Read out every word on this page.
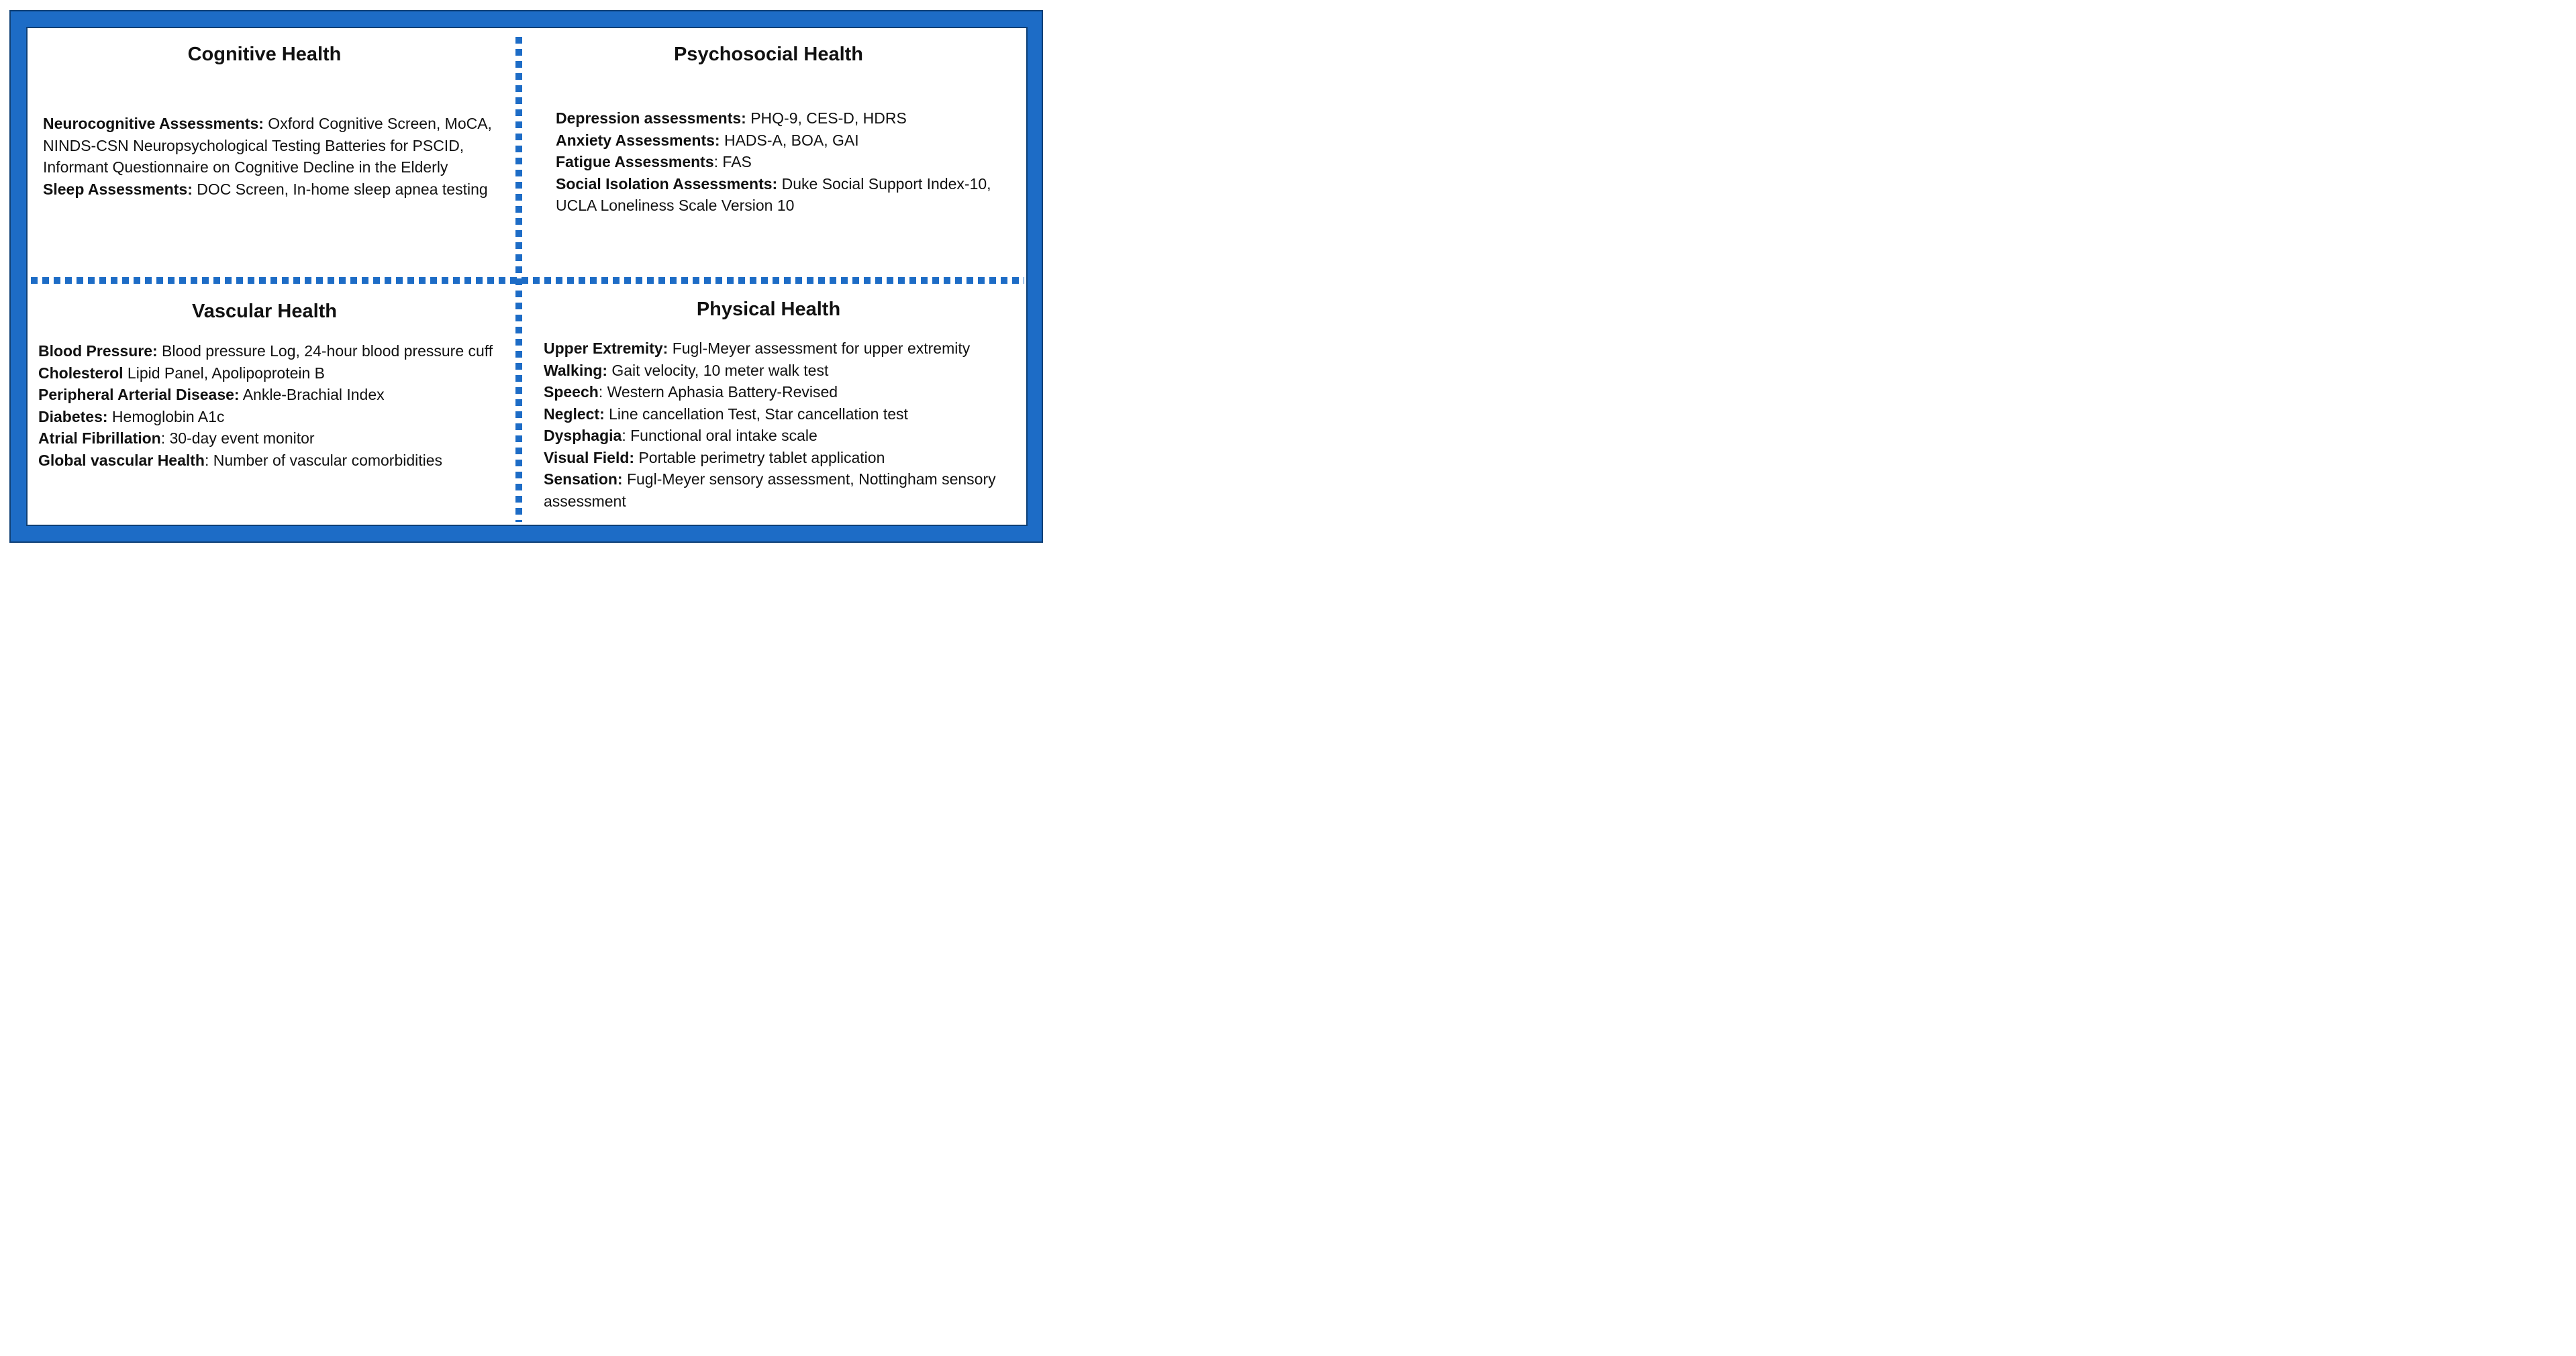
Cognitive Health
Neurocognitive Assessments: Oxford Cognitive Screen, MoCA, NINDS-CSN Neuropsychological Testing Batteries for PSCID, Informant Questionnaire on Cognitive Decline in the Elderly
Sleep Assessments: DOC Screen, In-home sleep apnea testing
Psychosocial Health
Depression assessments: PHQ-9, CES-D, HDRS
Anxiety Assessments: HADS-A, BOA, GAI
Fatigue Assessments: FAS
Social Isolation Assessments: Duke Social Support Index-10, UCLA Loneliness Scale Version 10
Vascular Health
Blood Pressure: Blood pressure Log, 24-hour blood pressure cuff
Cholesterol Lipid Panel, Apolipoprotein B
Peripheral Arterial Disease: Ankle-Brachial Index
Diabetes: Hemoglobin A1c
Atrial Fibrillation: 30-day event monitor
Global vascular Health: Number of vascular comorbidities
Physical Health
Upper Extremity: Fugl-Meyer assessment for upper extremity
Walking: Gait velocity, 10 meter walk test
Speech: Western Aphasia Battery-Revised
Neglect: Line cancellation Test, Star cancellation test
Dysphagia: Functional oral intake scale
Visual Field: Portable perimetry tablet application
Sensation: Fugl-Meyer sensory assessment, Nottingham sensory assessment
